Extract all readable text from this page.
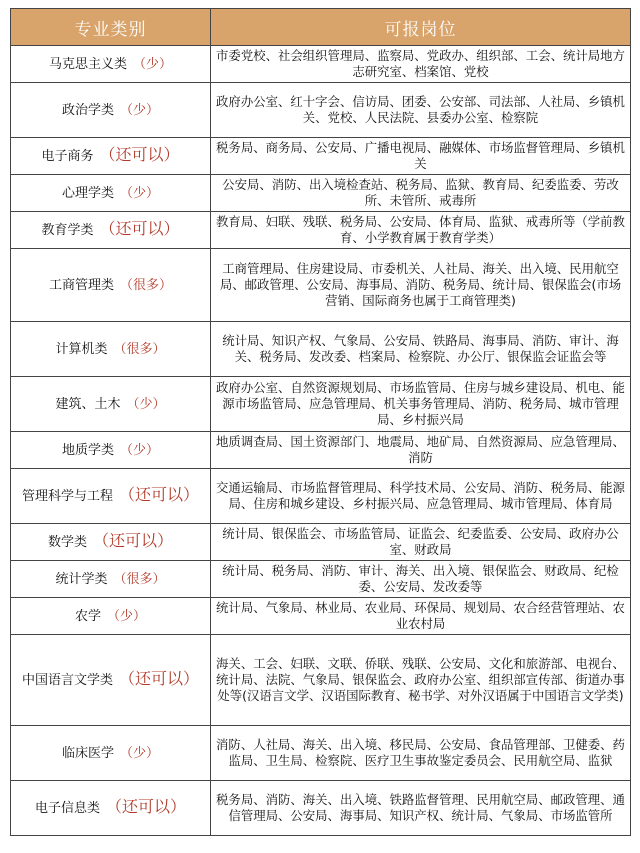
专业类别	可报岗位
马克思主义类 （少）	市委党校、社会组织管理局、监察局、党政办、组织部、工会、统计局地方志研究室、档案馆、党校
政治学类 （少）	政府办公室、红十字会、信访局、团委、公安部、司法部、人社局、乡镇机关、党校、人民法院、县委办公室、检察院
电子商务 （还可以）	税务局、商务局、公安局、广播电视局、融媒体、市场监督管理局、乡镇机关
心理学类 （少）	公安局、消防、出入境检查站、税务局、监狱、教育局、纪委监委、劳改所、未管所、戒毒所
教育学类 （还可以）	教育局、妇联、残联、税务局、公安局、体育局、监狱、戒毒所等（学前教育、小学教育属于教育学类）
工商管理类 （很多）	工商管理局、住房建设局、市委机关、人社局、海关、出入境、民用航空局、邮政管理、公安局、海事局、消防、税务局、统计局、银保监会(市场营销、国际商务也属于工商管理类)
计算机类 （很多）	统计局、知识产权、气象局、公安局、铁路局、海事局、消防、审计、海关、税务局、发改委、档案局、检察院、办公厅、银保监会证监会等
建筑、土木 （少）	政府办公室、自然资源规划局、市场监管局、住房与城乡建设局、机电、能源市场监管局、应急管理局、机关事务管理局、消防、税务局、城市管理局、乡村振兴局
地质学类 （少）	地质调查局、国土资源部门、地震局、地矿局、自然资源局、应急管理局、消防
管理科学与工程 （还可以）	交通运输局、市场监督管理局、科学技术局、公安局、消防、税务局、能源局、住房和城乡建设、乡村振兴局、应急管理局、城市管理局、体育局
数学类 （还可以）	统计局、银保监会、市场监管局、证监会、纪委监委、公安局、政府办公室、财政局
统计学类 （很多）	统计局、税务局、消防、审计、海关、出入境、银保监会、财政局、纪检委、公安局、发改委等
农学 （少）	统计局、气象局、林业局、农业局、环保局、规划局、农合经营管理站、农业农村局
中国语言文学类 （还可以）	海关、工会、妇联、文联、侨联、残联、公安局、文化和旅游部、电视台、统计局、法院、气象局、银保监会、政府办公室、组织部宣传部、街道办事处等(汉语言文学、汉语国际教育、秘书学、对外汉语属于中国语言文学类)
临床医学 （少）	消防、人社局、海关、出入境、移民局、公安局、食品管理部、卫健委、药监局、卫生局、检察院、医疗卫生事故鉴定委员会、民用航空局、监狱
电子信息类 （还可以）	税务局、消防、海关、出入境、铁路监督管理、民用航空局、邮政管理、通信管理局、公安局、海事局、知识产权、统计局、气象局、市场监管所
